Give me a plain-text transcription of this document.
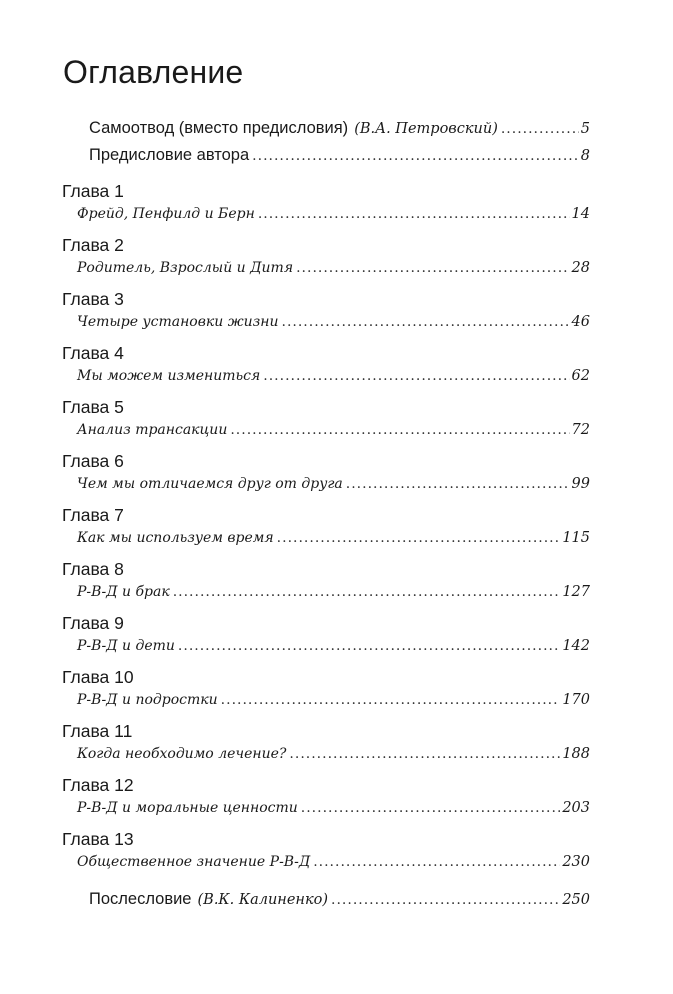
Оглавление
Самоотвод (вместо предисловия) (В.А. Петровский) .....	5
Предисловие автора .....	8
Глава 1
Фрейд, Пенфилд и Берн .....	14
Глава 2
Родитель, Взрослый и Дитя .....	28
Глава 3
Четыре установки жизни .....	46
Глава 4
Мы можем измениться .....	62
Глава 5
Анализ трансакции .....	72
Глава 6
Чем мы отличаемся друг от друга .....	99
Глава 7
Как мы используем время .....	115
Глава 8
Р-В-Д и брак .....	127
Глава 9
Р-В-Д и дети .....	142
Глава 10
Р-В-Д и подростки .....	170
Глава 11
Когда необходимо лечение? .....	188
Глава 12
Р-В-Д и моральные ценности .....	203
Глава 13
Общественное значение Р-В-Д .....	230
Послесловие (В.К. Калиненко) .....	250
